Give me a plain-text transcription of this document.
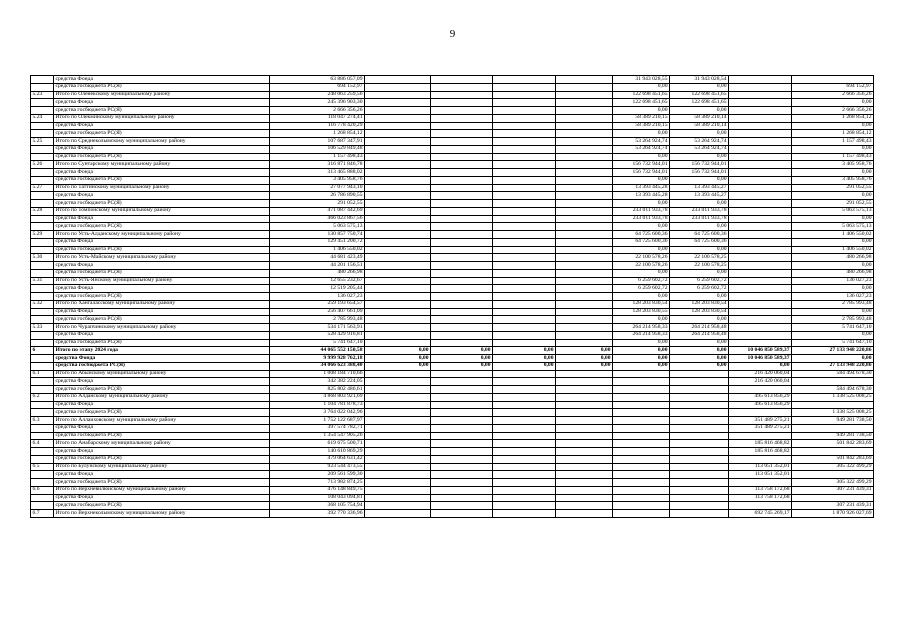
9
	средства Фонда	63 886 057,09					31 943 028,55	31 943 028,54		
	средства госбюджета РС(Я)	694 152,97					0,00	0,00		694 152,97
5.23	Итого по Оленекскому муниципальному району	248 063 259,56					122 698 451,65	122 698 451,65		2 666 356,26
	средства Фонда	245 396 903,30					122 698 451,65	122 698 451,65		0,00
	средства госбюджета РС(Я)	2 666 356,26					0,00	0,00		2 666 356,26
5.24	Итого по Олекминскому муниципальному району	118 047 274,41					58 389 210,15	58 389 210,14		1 268 854,12
	средства Фонда	116 778 420,29					58 389 210,15	58 389 210,14		0,00
	средства госбюджета РС(Я)	1 268 854,12					0,00	0,00		1 268 854,12
5.25	Итого по Среднеколымскому муниципальному району	107 687 347,91					53 264 924,74	53 264 924,74		1 157 498,43
	средства Фонда	106 529 849,48					53 264 924,74	53 264 924,74		0,00
	средства госбюджета РС(Я)	1 157 498,43					0,00	0,00		1 157 498,43
5.26	Итого по Сунтарскому муниципальному району	316 871 846,78					156 732 944,01	156 732 944,01		3 405 958,76
	средства Фонда	313 465 888,02					156 732 944,01	156 732 944,01		0,00
	средства госбюджета РС(Я)	3 405 958,76					0,00	0,00		3 405 958,76
5.27	Итого по Таттинскому муниципальному району	27 077 943,10					13 393 445,28	13 393 445,27		291 052,55
	средства Фонда	26 786 890,55					13 393 445,28	13 393 445,27		0,00
	средства госбюджета РС(Я)	291 052,55					0,00	0,00		291 052,55
5.28	Итого по Томпонскому муниципальному району	471 087 442,69					233 011 933,78	233 011 933,78		5 063 575,13
	средства Фонда	466 023 867,56					233 011 933,78	233 011 933,78		0,00
	средства госбюджета РС(Я)	5 063 575,13					0,00	0,00		5 063 575,13
5.29	Итого по Усть-Алданскому муниципальному району	130 857 750,74					64 725 600,36	64 725 600,36		1 406 550,02
	средства Фонда	129 451 200,72					64 725 600,36	64 725 600,36		0,00
	средства госбюджета РС(Я)	1 406 550,02					0,00	0,00		1 406 550,02
5.30	Итого по Усть-Майскому муниципальному району	44 681 423,49					22 100 578,26	22 100 578,25		480 266,98
	средства Фонда	44 201 156,51					22 100 578,26	22 100 578,25		0,00
	средства госбюджета РС(Я)	480 266,98					0,00	0,00		480 266,98
5.31	Итого по Усть-Янскому муниципальному району	12 655 232,67					6 259 602,72	6 259 602,72		136 027,23
	средства Фонда	12 519 205,44					6 259 602,72	6 259 602,72		0,00
	средства госбюджета РС(Я)	136 027,23					0,00	0,00		136 027,23
5.32	Итого по Хангаласскому муниципальному району	259 193 654,57					128 203 830,54	128 203 830,54		2 785 993,48
	средства Фонда	256 407 661,09					128 203 830,55	128 203 830,54		0,00
	средства госбюджета РС(Я)	2 785 993,48					0,00	0,00		2 785 993,48
5.33	Итого по Чурапчинскому муниципальному району	534 171 563,91					264 214 958,33	264 214 958,48		5 741 647,10
	средства Фонда	528 429 916,81					264 214 958,33	264 214 958,48		0,00
	средства госбюджета РС(Я)	5 741 647,10					0,00	0,00		5 741 647,10
6	Итого по этапу 2024 года	44 065 552 150,58	0,00	0,00	0,00	0,00	0,00	0,00	10 046 850 589,37	27 133 948 220,86
	средства Фонда	9 999 928 762,18	0,00	0,00	0,00	0,00	0,00	0,00	10 046 850 589,37	0,00
	средства госбюджета РС(Я)	34 066 623 388,40	0,00	0,00	0,00	0,00	0,00	0,00	0,00	27 133 948 220,86
6.1	Итого по Абыйскому муниципальному району	1 008 184 710,66							216 420 060,04	584 494 678,30
	средства Фонда	342 382 224,05							216 420 060,04	
	средства госбюджета РС(Я)	825 802 486,61								584 494 678,30
6.2	Итого по Алданскому муниципальному району	4 868 803 921,69							495 613 856,29	1 338 525 008,25
	средства Фонда	1 104 781 878,73							495 613 856,29	
	средства госбюджета РС(Я)	3 764 022 042,96								1 338 525 008,25
6.3	Итого по Аллаиховскому муниципальному району	1 752 122 687,97							351 489 275,21	949 281 738,50
	средства Фонда	397 574 782,71							351 489 275,21	
	средства госбюджета РС(Я)	1 354 547 905,26								949 281 738,50
6.4	Итого по Анабарскому муниципальному району	619 675 500,71							185 816 468,82	501 842 283,69
	средства Фонда	140 610 869,29							185 816 468,82	
	средства госбюджета РС(Я)	479 064 631,42								501 842 283,69
6.5	Итого по Булунскому муниципальному району	923 544 473,55							113 051 352,01	305 322 499,29
	средства Фонда	209 561 599,30							113 051 352,01	
	средства госбюджета РС(Я)	713 982 874,25								305 322 499,29
6.6	Итого по Верхневилюйскому муниципальному району	476 148 849,75							113 758 172,68	307 231 439,31
	средства Фонда	108 043 094,81							113 758 172,68	
	средства госбюджета РС(Я)	368 105 754,94								307 231 439,31
6.7	Итого по Верхнеколымскому муниципальному району	392 770 336,96							692 745 269,17	1 870 926 027,69
